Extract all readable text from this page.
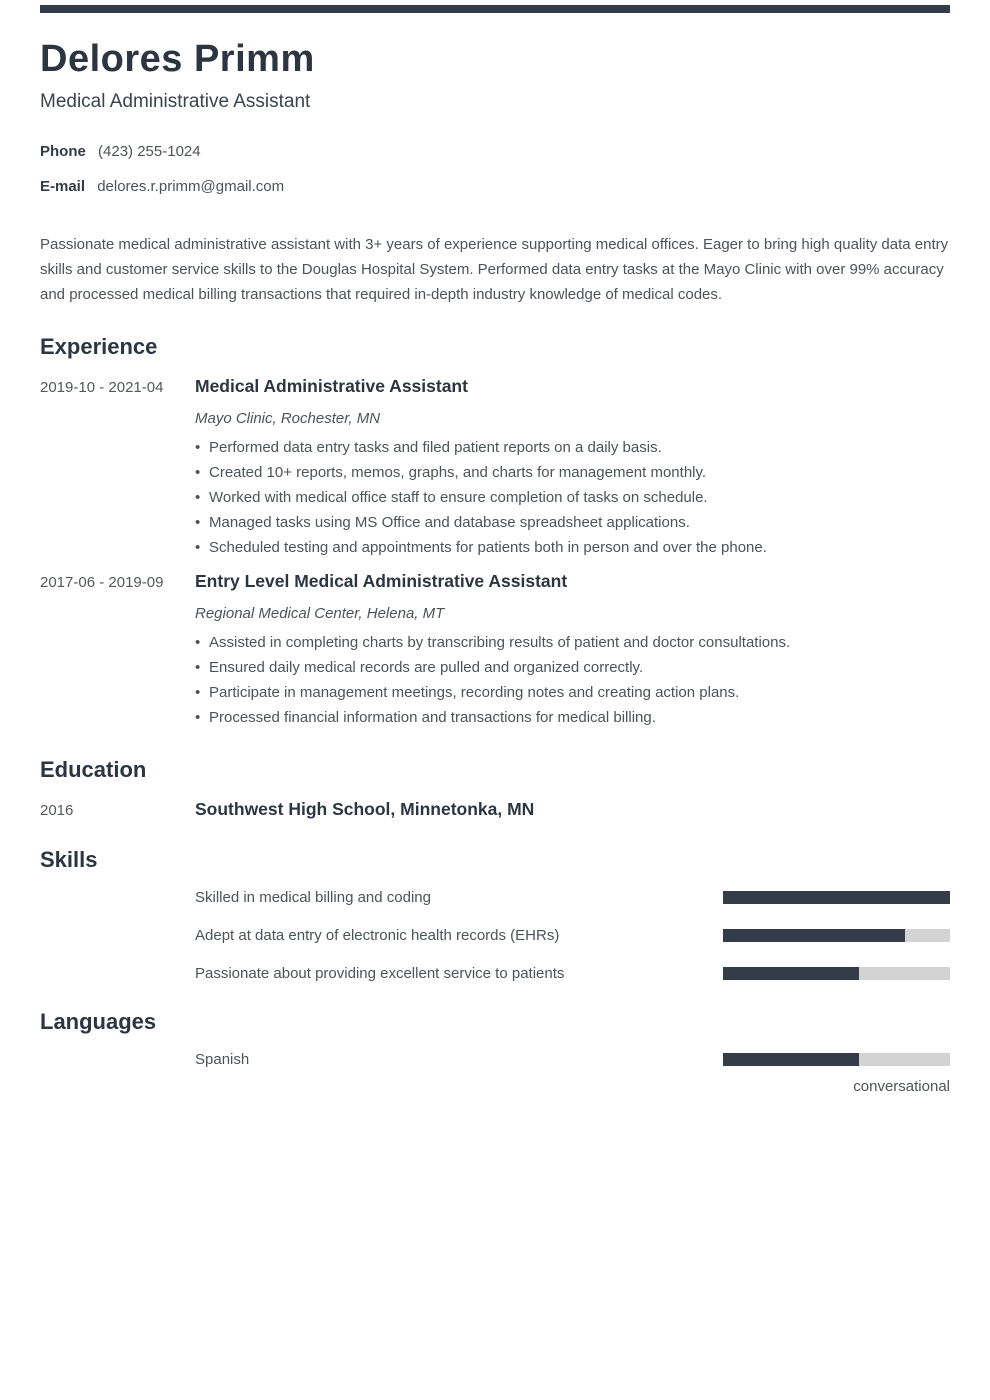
Delores Primm
Medical Administrative Assistant
Phone (423) 255-1024
E-mail delores.r.primm@gmail.com
Passionate medical administrative assistant with 3+ years of experience supporting medical offices. Eager to bring high quality data entry skills and customer service skills to the Douglas Hospital System. Performed data entry tasks at the Mayo Clinic with over 99% accuracy and processed medical billing transactions that required in-depth industry knowledge of medical codes.
Experience
2019-10 - 2021-04	Medical Administrative Assistant
Mayo Clinic, Rochester, MN
• Performed data entry tasks and filed patient reports on a daily basis.
• Created 10+ reports, memos, graphs, and charts for management monthly.
• Worked with medical office staff to ensure completion of tasks on schedule.
• Managed tasks using MS Office and database spreadsheet applications.
• Scheduled testing and appointments for patients both in person and over the phone.
2017-06 - 2019-09	Entry Level Medical Administrative Assistant
Regional Medical Center, Helena, MT
• Assisted in completing charts by transcribing results of patient and doctor consultations.
• Ensured daily medical records are pulled and organized correctly.
• Participate in management meetings, recording notes and creating action plans.
• Processed financial information and transactions for medical billing.
Education
2016	Southwest High School, Minnetonka, MN
Skills
Skilled in medical billing and coding
Adept at data entry of electronic health records (EHRs)
Passionate about providing excellent service to patients
Languages
Spanish
conversational
